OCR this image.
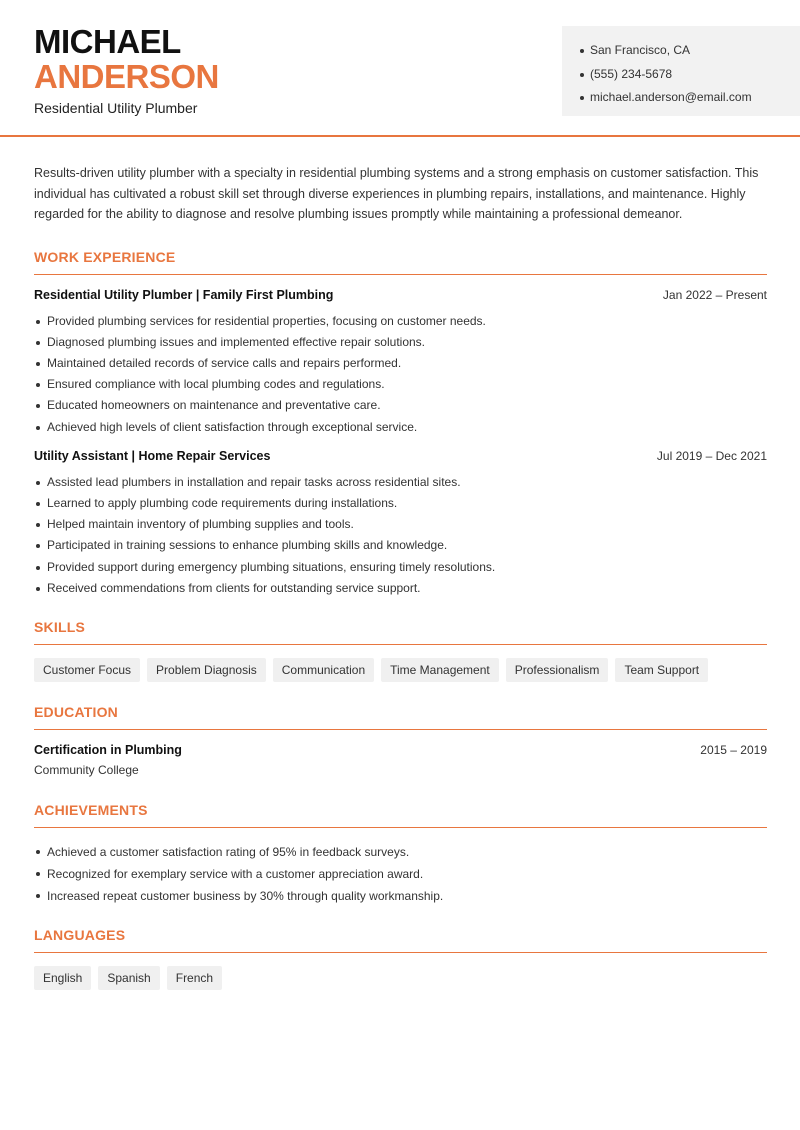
MICHAEL
ANDERSON
Residential Utility Plumber
San Francisco, CA
(555) 234-5678
michael.anderson@email.com

Results-driven utility plumber with a specialty in residential plumbing systems and a strong emphasis on customer satisfaction. This individual has cultivated a robust skill set through diverse experiences in plumbing repairs, installations, and maintenance. Highly regarded for the ability to diagnose and resolve plumbing issues promptly while maintaining a professional demeanor.

WORK EXPERIENCE
Residential Utility Plumber | Family First Plumbing	Jan 2022 – Present
Provided plumbing services for residential properties, focusing on customer needs.
Diagnosed plumbing issues and implemented effective repair solutions.
Maintained detailed records of service calls and repairs performed.
Ensured compliance with local plumbing codes and regulations.
Educated homeowners on maintenance and preventative care.
Achieved high levels of client satisfaction through exceptional service.
Utility Assistant | Home Repair Services	Jul 2019 – Dec 2021
Assisted lead plumbers in installation and repair tasks across residential sites.
Learned to apply plumbing code requirements during installations.
Helped maintain inventory of plumbing supplies and tools.
Participated in training sessions to enhance plumbing skills and knowledge.
Provided support during emergency plumbing situations, ensuring timely resolutions.
Received commendations from clients for outstanding service support.
SKILLS
Customer Focus	Problem Diagnosis	Communication	Time Management	Professionalism	Team Support
EDUCATION
Certification in Plumbing	2015 – 2019
Community College
ACHIEVEMENTS
Achieved a customer satisfaction rating of 95% in feedback surveys.
Recognized for exemplary service with a customer appreciation award.
Increased repeat customer business by 30% through quality workmanship.
LANGUAGES
English	Spanish	French
